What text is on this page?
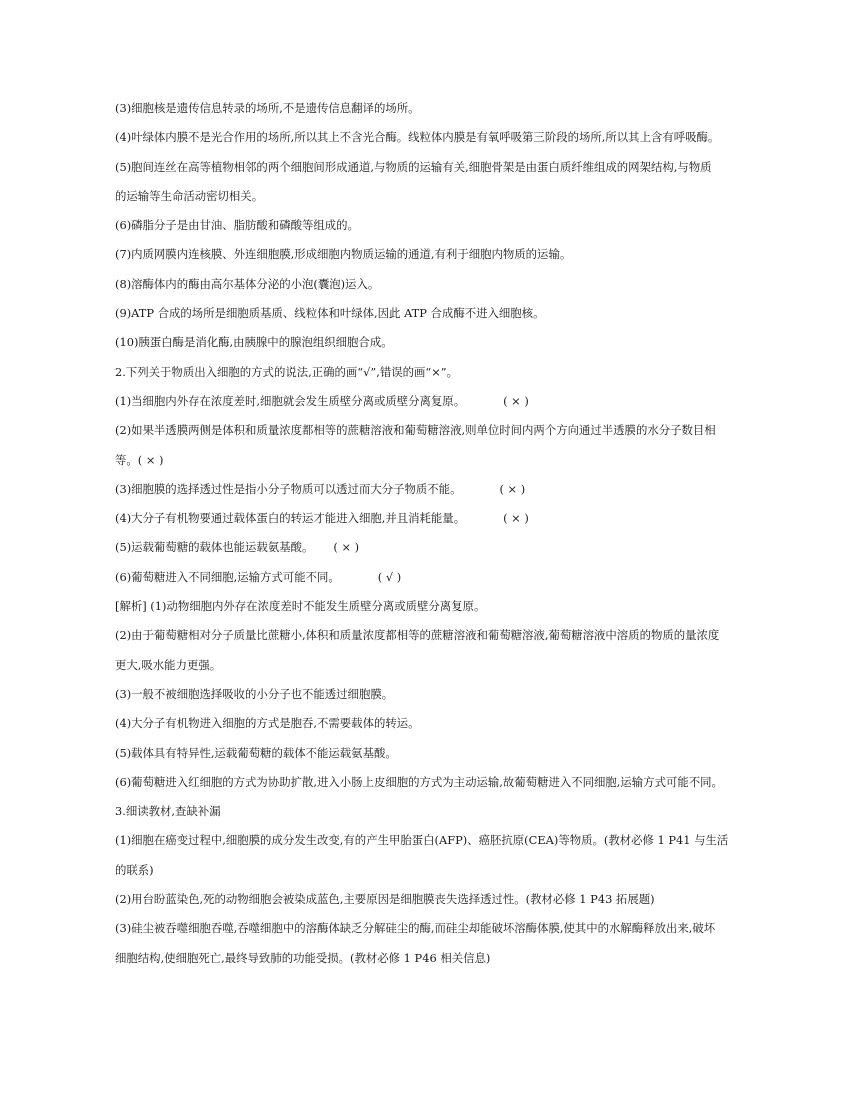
(3)细胞核是遗传信息转录的场所,不是遗传信息翻译的场所。
(4)叶绿体内膜不是光合作用的场所,所以其上不含光合酶。线粒体内膜是有氧呼吸第三阶段的场所,所以其上含有呼吸酶。
(5)胞间连丝在高等植物相邻的两个细胞间形成通道,与物质的运输有关,细胞骨架是由蛋白质纤维组成的网架结构,与物质
的运输等生命活动密切相关。
(6)磷脂分子是由甘油、脂肪酸和磷酸等组成的。
(7)内质网膜内连核膜、外连细胞膜,形成细胞内物质运输的通道,有利于细胞内物质的运输。
(8)溶酶体内的酶由高尔基体分泌的小泡(囊泡)运入。
(9)ATP 合成的场所是细胞质基质、线粒体和叶绿体,因此 ATP 合成酶不进入细胞核。
(10)胰蛋白酶是消化酶,由胰腺中的腺泡组织细胞合成。
2.下列关于物质出入细胞的方式的说法,正确的画“√”,错误的画“×”。
(1)当细胞内外存在浓度差时,细胞就会发生质壁分离或质壁分离复原。	( × )
(2)如果半透膜两侧是体积和质量浓度都相等的蔗糖溶液和葡萄糖溶液,则单位时间内两个方向通过半透膜的水分子数目相
等。( × )
(3)细胞膜的选择透过性是指小分子物质可以透过而大分子物质不能。	( × )
(4)大分子有机物要通过载体蛋白的转运才能进入细胞,并且消耗能量。	( × )
(5)运载葡萄糖的载体也能运载氨基酸。 ( × )
(6)葡萄糖进入不同细胞,运输方式可能不同。	( √ )
[解析] (1)动物细胞内外存在浓度差时不能发生质壁分离或质壁分离复原。
(2)由于葡萄糖相对分子质量比蔗糖小,体积和质量浓度都相等的蔗糖溶液和葡萄糖溶液,葡萄糖溶液中溶质的物质的量浓度
更大,吸水能力更强。
(3)一般不被细胞选择吸收的小分子也不能透过细胞膜。
(4)大分子有机物进入细胞的方式是胞吞,不需要载体的转运。
(5)载体具有特异性,运载葡萄糖的载体不能运载氨基酸。
(6)葡萄糖进入红细胞的方式为协助扩散,进入小肠上皮细胞的方式为主动运输,故葡萄糖进入不同细胞,运输方式可能不同。
3.细读教材,查缺补漏
(1)细胞在癌变过程中,细胞膜的成分发生改变,有的产生甲胎蛋白(AFP)、癌胚抗原(CEA)等物质。(教材必修 1 P41 与生活
的联系)
(2)用台盼蓝染色,死的动物细胞会被染成蓝色,主要原因是细胞膜丧失选择透过性。(教材必修 1 P43 拓展题)
(3)硅尘被吞噬细胞吞噬,吞噬细胞中的溶酶体缺乏分解硅尘的酶,而硅尘却能破坏溶酶体膜,使其中的水解酶释放出来,破坏
细胞结构,使细胞死亡,最终导致肺的功能受损。(教材必修 1 P46 相关信息)
